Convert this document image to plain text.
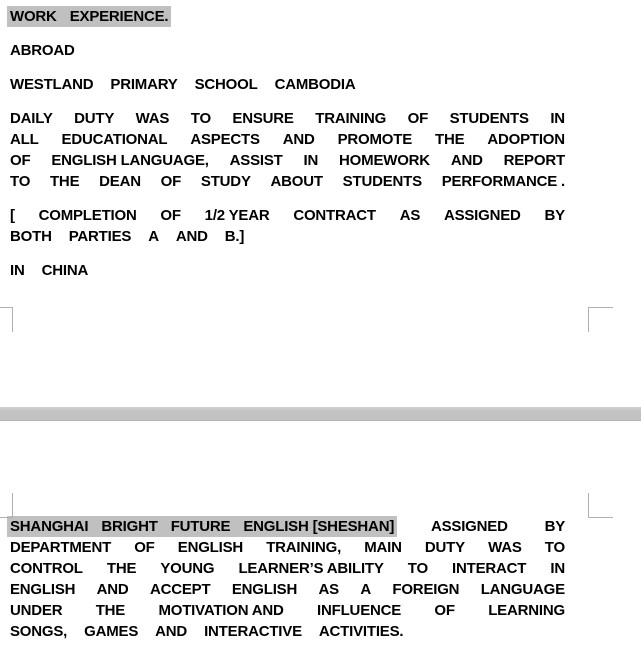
WORK EXPERIENCE.
ABROAD
WESTLAND PRIMARY SCHOOL CAMBODIA
DAILY DUTY WAS TO ENSURE TRAINING OF STUDENTS IN
ALL EDUCATIONAL ASPECTS AND PROMOTE THE ADOPTION
OF ENGLISH LANGUAGE, ASSIST IN HOMEWORK AND REPORT
TO THE DEAN OF STUDY ABOUT STUDENTS PERFORMANCE .
[ COMPLETION OF 1/2 YEAR CONTRACT AS ASSIGNED BY
BOTH PARTIES A AND B.]
IN CHINA
SHANGHAI BRIGHT FUTURE ENGLISH [SHESHAN] ASSIGNED BY
DEPARTMENT OF ENGLISH TRAINING, MAIN DUTY WAS TO
CONTROL THE YOUNG LEARNER’S ABILITY TO INTERACT IN
ENGLISH AND ACCEPT ENGLISH AS A FOREIGN LANGUAGE
UNDER THE MOTIVATION AND INFLUENCE OF LEARNING
SONGS, GAMES AND INTERACTIVE ACTIVITIES.
